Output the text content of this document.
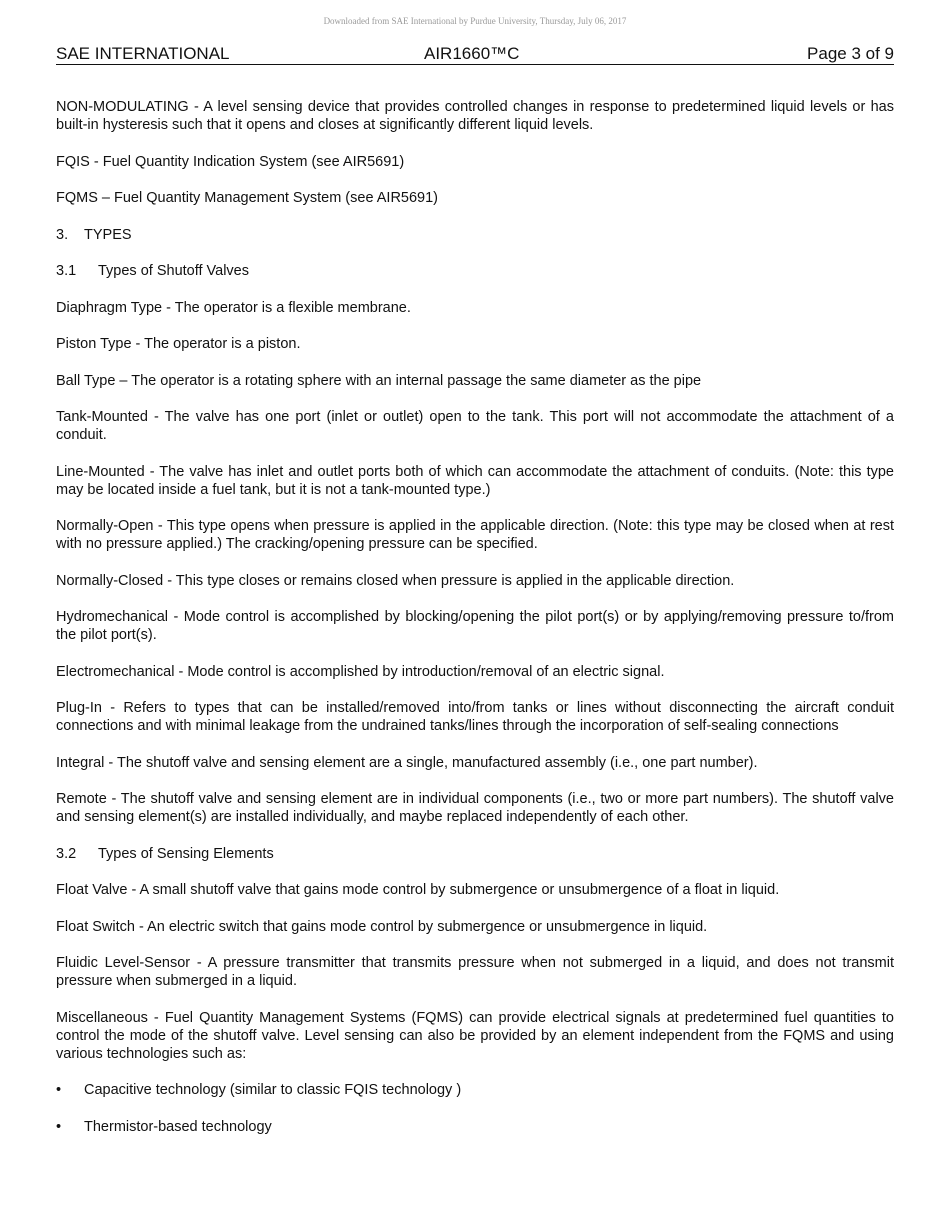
Downloaded from SAE International by Purdue University, Thursday, July 06, 2017
SAE INTERNATIONAL	AIR1660™C	Page 3 of 9

NON-MODULATING - A level sensing device that provides controlled changes in response to predetermined liquid levels or has built-in hysteresis such that it opens and closes at significantly different liquid levels.

FQIS - Fuel Quantity Indication System (see AIR5691)

FQMS – Fuel Quantity Management System (see AIR5691)

3. TYPES
3.1 Types of Shutoff Valves

Diaphragm Type - The operator is a flexible membrane.

Piston Type - The operator is a piston.

Ball Type – The operator is a rotating sphere with an internal passage the same diameter as the pipe

Tank-Mounted - The valve has one port (inlet or outlet) open to the tank. This port will not accommodate the attachment of a conduit.

Line-Mounted - The valve has inlet and outlet ports both of which can accommodate the attachment of conduits. (Note: this type may be located inside a fuel tank, but it is not a tank-mounted type.)

Normally-Open - This type opens when pressure is applied in the applicable direction. (Note: this type may be closed when at rest with no pressure applied.) The cracking/opening pressure can be specified.

Normally-Closed - This type closes or remains closed when pressure is applied in the applicable direction.

Hydromechanical - Mode control is accomplished by blocking/opening the pilot port(s) or by applying/removing pressure to/from the pilot port(s).

Electromechanical - Mode control is accomplished by introduction/removal of an electric signal.

Plug-In - Refers to types that can be installed/removed into/from tanks or lines without disconnecting the aircraft conduit connections and with minimal leakage from the undrained tanks/lines through the incorporation of self-sealing connections

Integral - The shutoff valve and sensing element are a single, manufactured assembly (i.e., one part number).

Remote - The shutoff valve and sensing element are in individual components (i.e., two or more part numbers). The shutoff valve and sensing element(s) are installed individually, and maybe replaced independently of each other.

3.2 Types of Sensing Elements

Float Valve - A small shutoff valve that gains mode control by submergence or unsubmergence of a float in liquid.

Float Switch - An electric switch that gains mode control by submergence or unsubmergence in liquid.

Fluidic Level-Sensor - A pressure transmitter that transmits pressure when not submerged in a liquid, and does not transmit pressure when submerged in a liquid.

Miscellaneous - Fuel Quantity Management Systems (FQMS) can provide electrical signals at predetermined fuel quantities to control the mode of the shutoff valve. Level sensing can also be provided by an element independent from the FQMS and using various technologies such as:

• Capacitive technology (similar to classic FQIS technology )
• Thermistor-based technology
